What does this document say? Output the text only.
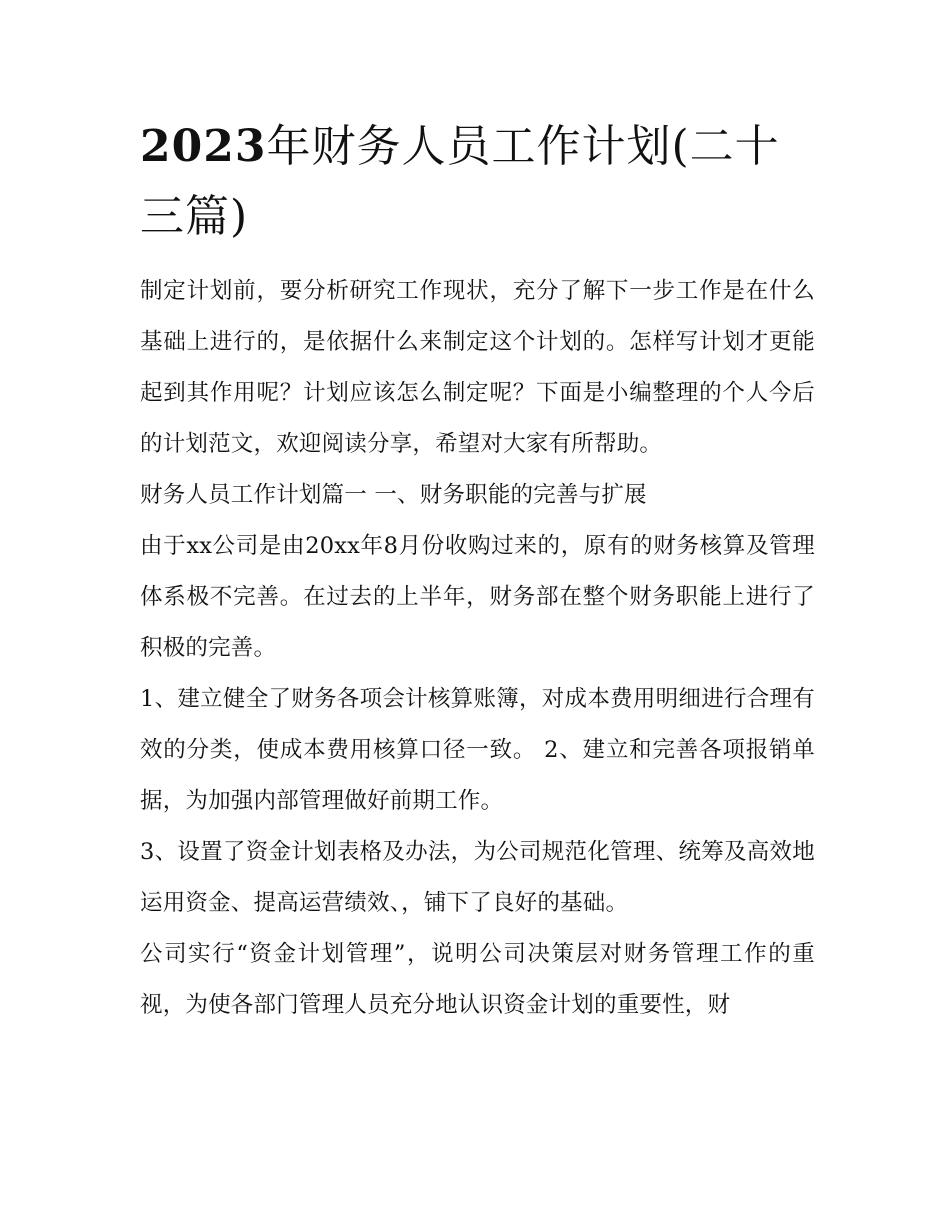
2023年财务人员工作计划(二十三篇)

制定计划前，要分析研究工作现状，充分了解下一步工作是在什么基础上进行的，是依据什么来制定这个计划的。怎样写计划才更能起到其作用呢？计划应该怎么制定呢？下面是小编整理的个人今后的计划范文，欢迎阅读分享，希望对大家有所帮助。

财务人员工作计划篇一 一、财务职能的完善与扩展

由于xx公司是由20xx年8月份收购过来的，原有的财务核算及管理体系极不完善。在过去的上半年，财务部在整个财务职能上进行了积极的完善。

1、建立健全了财务各项会计核算账簿，对成本费用明细进行合理有效的分类，使成本费用核算口径一致。 2、建立和完善各项报销单据，为加强内部管理做好前期工作。

3、设置了资金计划表格及办法，为公司规范化管理、统筹及高效地运用资金、提高运营绩效、，铺下了良好的基础。

公司实行“资金计划管理”，说明公司决策层对财务管理工作的重视，为使各部门管理人员充分地认识资金计划的重要性，财
